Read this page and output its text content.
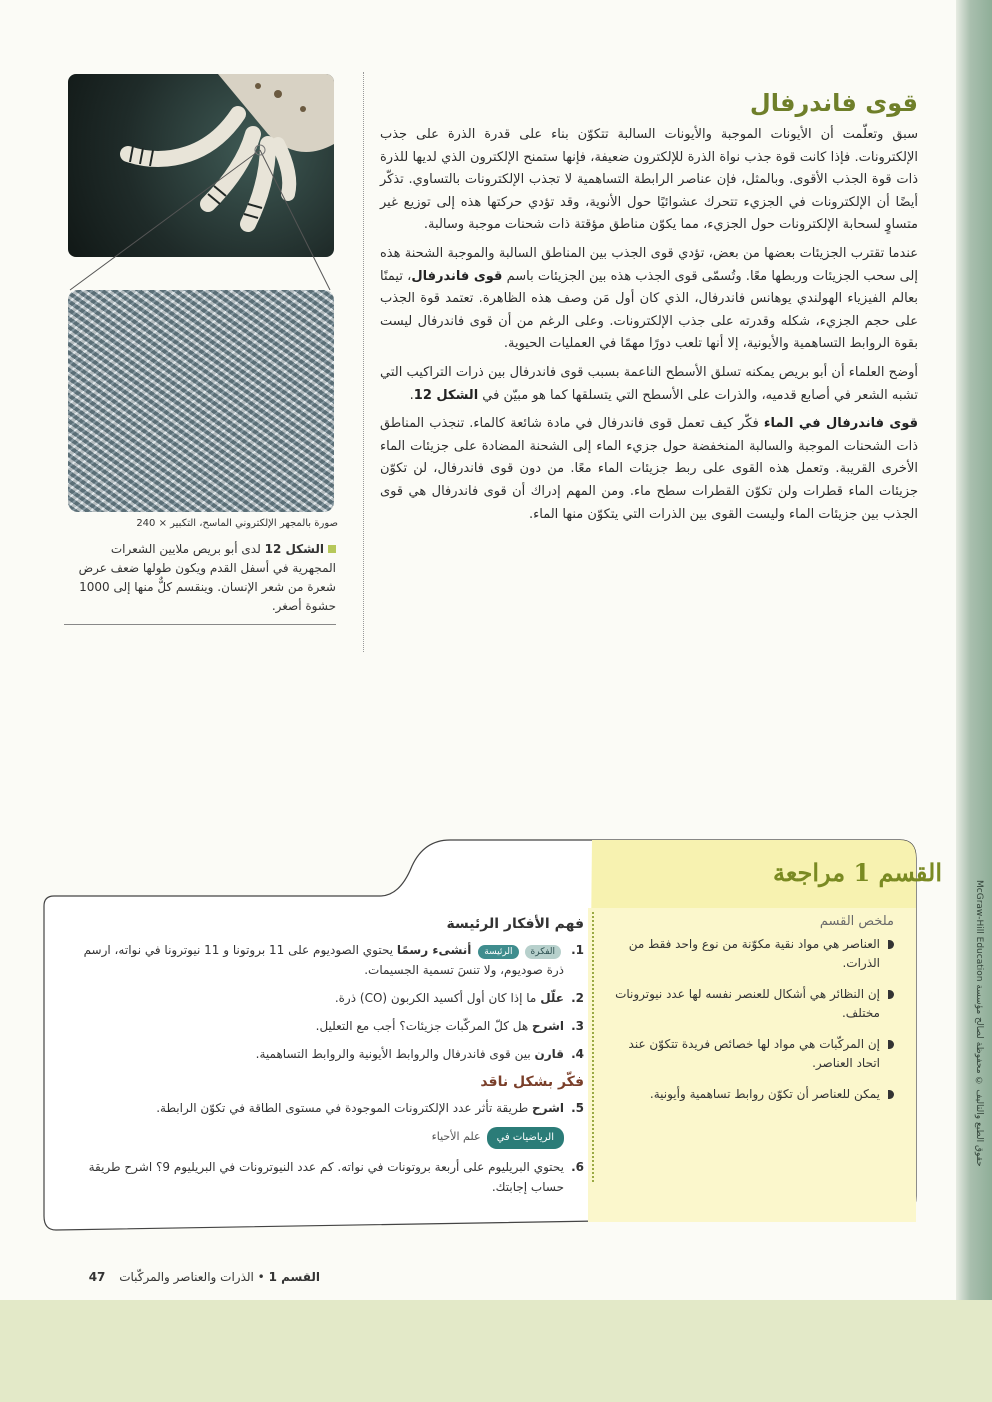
McGraw-Hill Education حقوق الطبع والتأليف © محفوظة لصالح مؤسسة
صورة بالمجهر الإلكتروني الماسح، التكبير × 240
الشكل 12 لدى أبو بريص ملايين الشعرات المجهرية في أسفل القدم ويكون طولها ضعف عرض شعرة من شعر الإنسان. وينقسم كلٌّ منها إلى 1000 حشوة أصغر.
قوى فاندرفال

سبق وتعلّمت أن الأيونات الموجبة والأيونات السالبة تتكوّن بناء على قدرة الذرة على جذب الإلكترونات. فإذا كانت قوة جذب نواة الذرة للإلكترون ضعيفة، فإنها ستمنح الإلكترون الذي لديها للذرة ذات قوة الجذب الأقوى. وبالمثل، فإن عناصر الرابطة التساهمية لا تجذب الإلكترونات بالتساوي. تذكّر أيضًا أن الإلكترونات في الجزيء تتحرك عشوائيًا حول الأنوية، وقد تؤدي حركتها هذه إلى توزيع غير متساوٍ لسحابة الإلكترونات حول الجزيء، مما يكوّن مناطق مؤقتة ذات شحنات موجبة وسالبة.

عندما تقترب الجزيئات بعضها من بعض، تؤدي قوى الجذب بين المناطق السالبة والموجبة الشحنة هذه إلى سحب الجزيئات وربطها معًا. وتُسمّى قوى الجذب هذه بين الجزيئات باسم قوى فاندرفال، تيمنًا بعالم الفيزياء الهولندي يوهانس فاندرفال، الذي كان أول مَن وصف هذه الظاهرة. تعتمد قوة الجذب على حجم الجزيء، شكله وقدرته على جذب الإلكترونات. وعلى الرغم من أن قوى فاندرفال ليست بقوة الروابط التساهمية والأيونية، إلا أنها تلعب دورًا مهمًا في العمليات الحيوية.

أوضح العلماء أن أبو بريص يمكنه تسلق الأسطح الناعمة بسبب قوى فاندرفال بين ذرات التراكيب التي تشبه الشعر في أصابع قدميه، والذرات على الأسطح التي يتسلقها كما هو مبيّن في الشكل 12.

قوى فاندرفال في الماء فكّر كيف تعمل قوى فاندرفال في مادة شائعة كالماء. تنجذب المناطق ذات الشحنات الموجبة والسالبة المنخفضة حول جزيء الماء إلى الشحنة المضادة على جزيئات الماء الأخرى القريبة. وتعمل هذه القوى على ربط جزيئات الماء معًا. من دون قوى فاندرفال، لن تكوّن جزيئات الماء قطرات ولن تكوّن القطرات سطح ماء. ومن المهم إدراك أن قوى فاندرفال هي قوى الجذب بين جزيئات الماء وليست القوى بين الذرات التي يتكوّن منها الماء.

القسم 1 مراجعة
ملخص القسم
العناصر هي مواد نقية مكوّنة من نوع واحد فقط من الذرات.
إن النظائر هي أشكال للعنصر نفسه لها عدد نيوترونات مختلف.
إن المركّبات هي مواد لها خصائص فريدة تتكوّن عند اتحاد العناصر.
يمكن للعناصر أن تكوّن روابط تساهمية وأيونية.
فهم الأفكار الرئيسة
1.
الفكرةالرئيسة أنشىء رسمًا يحتوي الصوديوم على 11 بروتونا و 11 نيوترونا في نواته، ارسم ذرة صوديوم، ولا تنسَ تسمية الجسيمات.
2.
علّل ما إذا كان أول أكسيد الكربون (CO) ذرة.
3.
اشرح هل كلّ المركّبات جزيئات؟ أجب مع التعليل.
4.
قارن بين قوى فاندرفال والروابط الأيونية والروابط التساهمية.
فكّر بشكل ناقد
5.
اشرح طريقة تأثر عدد الإلكترونات الموجودة في مستوى الطاقة في تكوّن الرابطة.
الرياضيات فيعلم الأحياء
6.
يحتوي البريليوم على أربعة بروتونات في نواته. كم عدد النيوترونات في البريليوم 9؟ اشرح طريقة حساب إجابتك.
القسم 1 • الذرات والعناصر والمركّبات 47
